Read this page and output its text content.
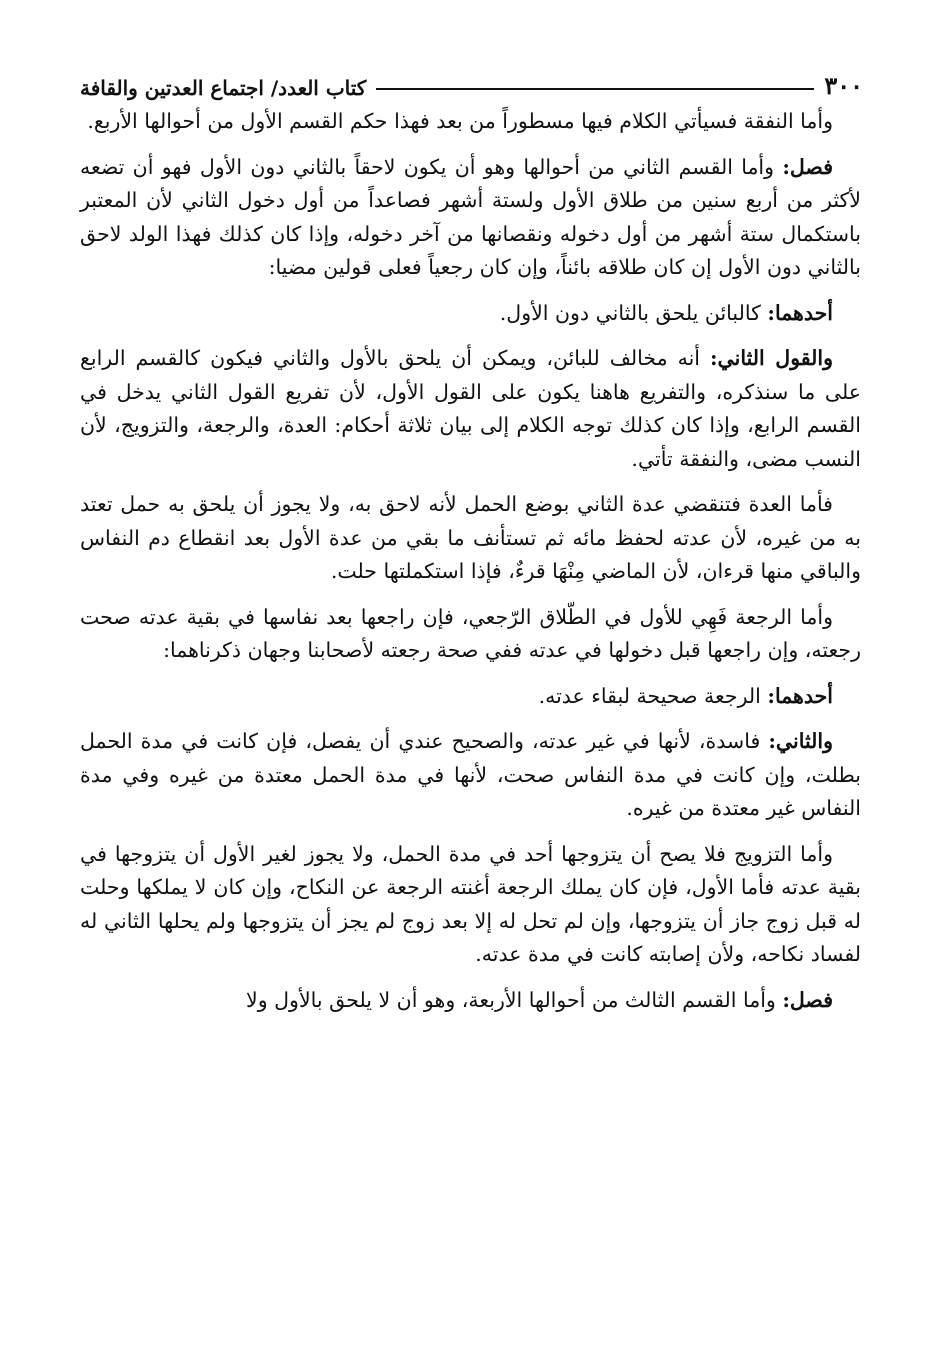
٣٠٠
كتاب العدد/ اجتماع العدتين والقافة

وأما النفقة فسيأتي الكلام فيها مسطوراً من بعد فهذا حكم القسم الأول من أحوالها الأربع.

فصل: وأما القسم الثاني من أحوالها وهو أن يكون لاحقاً بالثاني دون الأول فهو أن تضعه لأكثر من أربع سنين من طلاق الأول ولستة أشهر فصاعداً من أول دخول الثاني لأن المعتبر باستكمال ستة أشهر من أول دخوله ونقصانها من آخر دخوله، وإذا كان كذلك فهذا الولد لاحق بالثاني دون الأول إن كان طلاقه بائناً، وإن كان رجعياً فعلى قولين مضيا:

أحدهما: كالبائن يلحق بالثاني دون الأول.

والقول الثاني: أنه مخالف للبائن، ويمكن أن يلحق بالأول والثاني فيكون كالقسم الرابع على ما سنذكره، والتفريع هاهنا يكون على القول الأول، لأن تفريع القول الثاني يدخل في القسم الرابع، وإذا كان كذلك توجه الكلام إلى بيان ثلاثة أحكام: العدة، والرجعة، والتزويج، لأن النسب مضى، والنفقة تأتي.

فأما العدة فتنقضي عدة الثاني بوضع الحمل لأنه لاحق به، ولا يجوز أن يلحق به حمل تعتد به من غيره، لأن عدته لحفظ مائه ثم تستأنف ما بقي من عدة الأول بعد انقطاع دم النفاس والباقي منها قرءان، لأن الماضي مِنْهَا قرءٌ، فإذا استكملتها حلت.

وأما الرجعة فَهِي للأول في الطّلاق الرّجعي، فإن راجعها بعد نفاسها في بقية عدته صحت رجعته، وإن راجعها قبل دخولها في عدته ففي صحة رجعته لأصحابنا وجهان ذكرناهما:

أحدهما: الرجعة صحيحة لبقاء عدته.

والثاني: فاسدة، لأنها في غير عدته، والصحيح عندي أن يفصل، فإن كانت في مدة الحمل بطلت، وإن كانت في مدة النفاس صحت، لأنها في مدة الحمل معتدة من غيره وفي مدة النفاس غير معتدة من غيره.

وأما التزويج فلا يصح أن يتزوجها أحد في مدة الحمل، ولا يجوز لغير الأول أن يتزوجها في بقية عدته فأما الأول، فإن كان يملك الرجعة أغنته الرجعة عن النكاح، وإن كان لا يملكها وحلت له قبل زوج جاز أن يتزوجها، وإن لم تحل له إلا بعد زوج لم يجز أن يتزوجها ولم يحلها الثاني له لفساد نكاحه، ولأن إصابته كانت في مدة عدته.

فصل: وأما القسم الثالث من أحوالها الأربعة، وهو أن لا يلحق بالأول ولا
